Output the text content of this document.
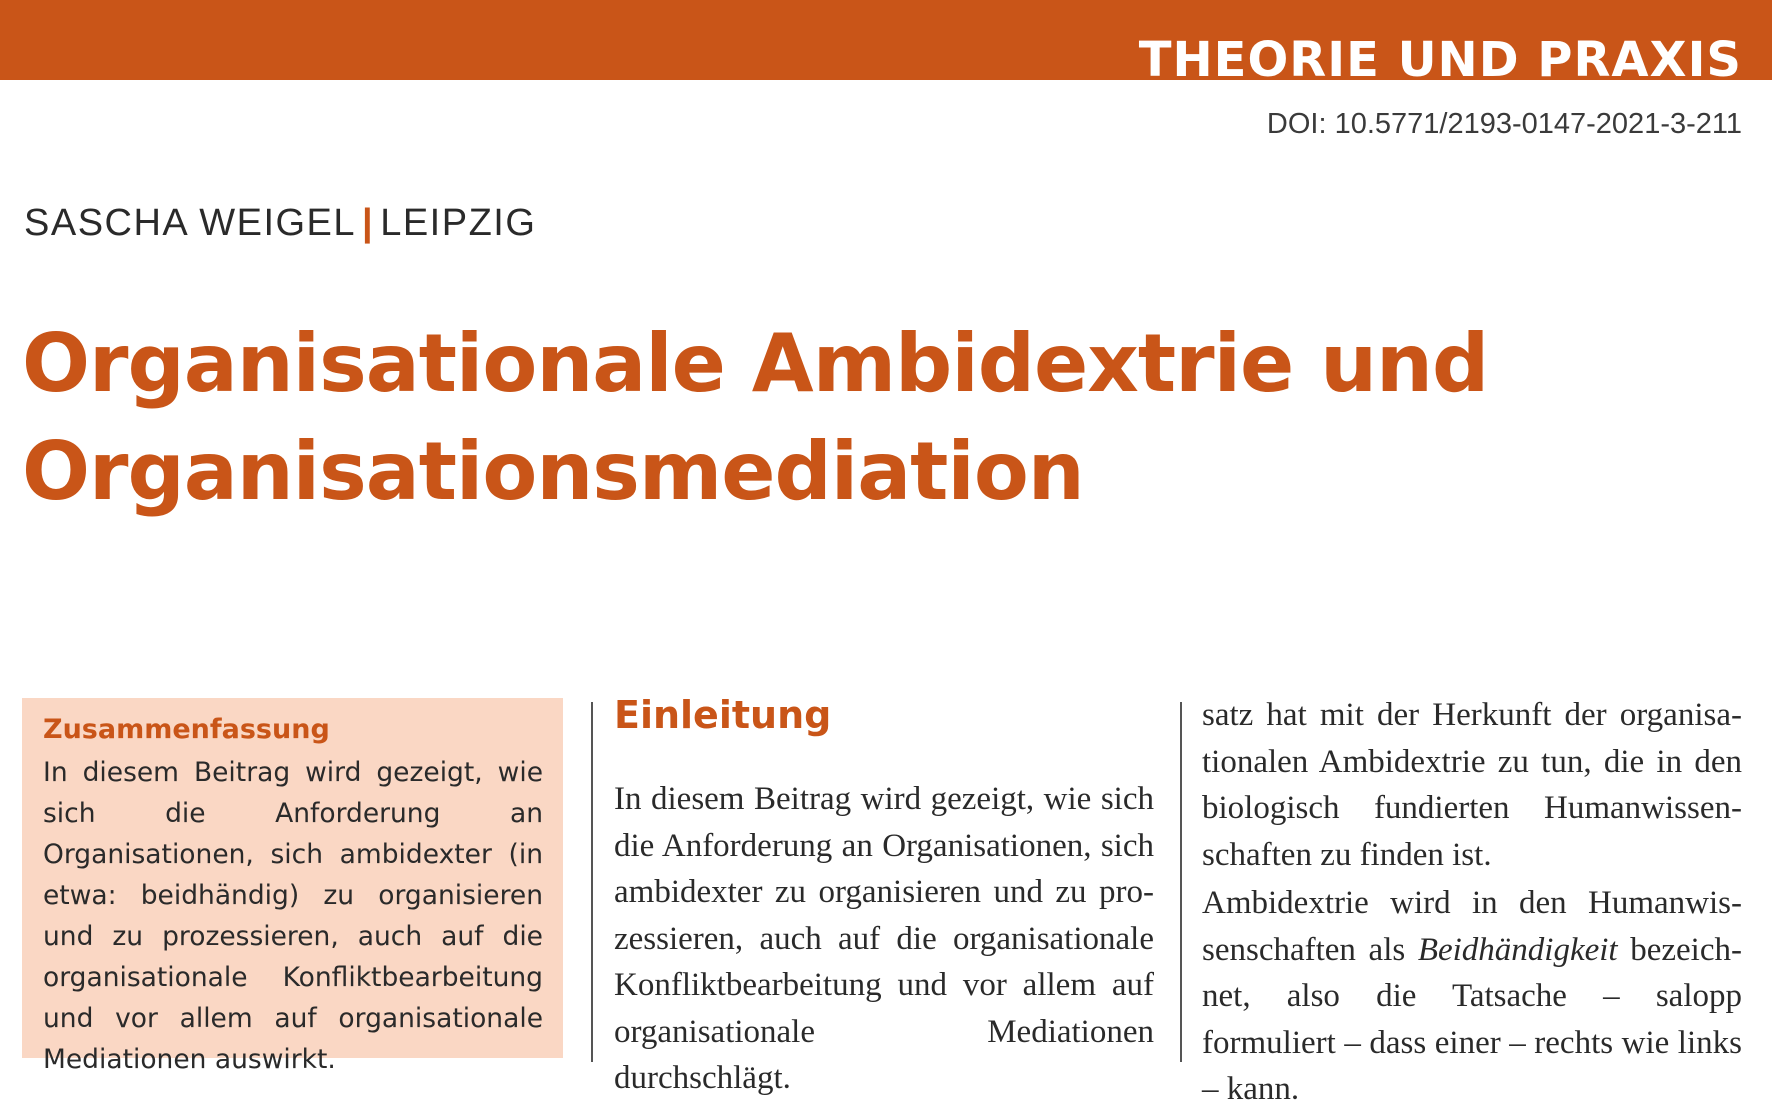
THEORIE UND PRAXIS
DOI: 10.5771/2193-0147-2021-3-211
SASCHA WEIGEL | LEIPZIG
Organisationale Ambidextrie und
Organisationsmediation
Zusammenfassung

In diesem Beitrag wird gezeigt, wie sich die Anforderung an Organisationen, sich ambidexter (in etwa: beidhändig) zu organisieren und zu prozessieren, auch auf die organisationale Konfliktbearbeitung und vor allem auf organisationale Mediationen auswirkt.

Einleitung

In diesem Beitrag wird gezeigt, wie sich die Anforderung an Organisationen, sich ambidexter zu organisieren und zu prozessieren, auch auf die organisationale Konfliktbearbeitung und vor allem auf organisationale Mediationen durchschlägt.

satz hat mit der Herkunft der organisationalen Ambidextrie zu tun, die in den biologisch fundierten Humanwissenschaften zu finden ist.

Ambidextrie wird in den Humanwissenschaften als Beidhändigkeit bezeichnet, also die Tatsache – salopp formuliert – dass einer – rechts wie links – kann.
